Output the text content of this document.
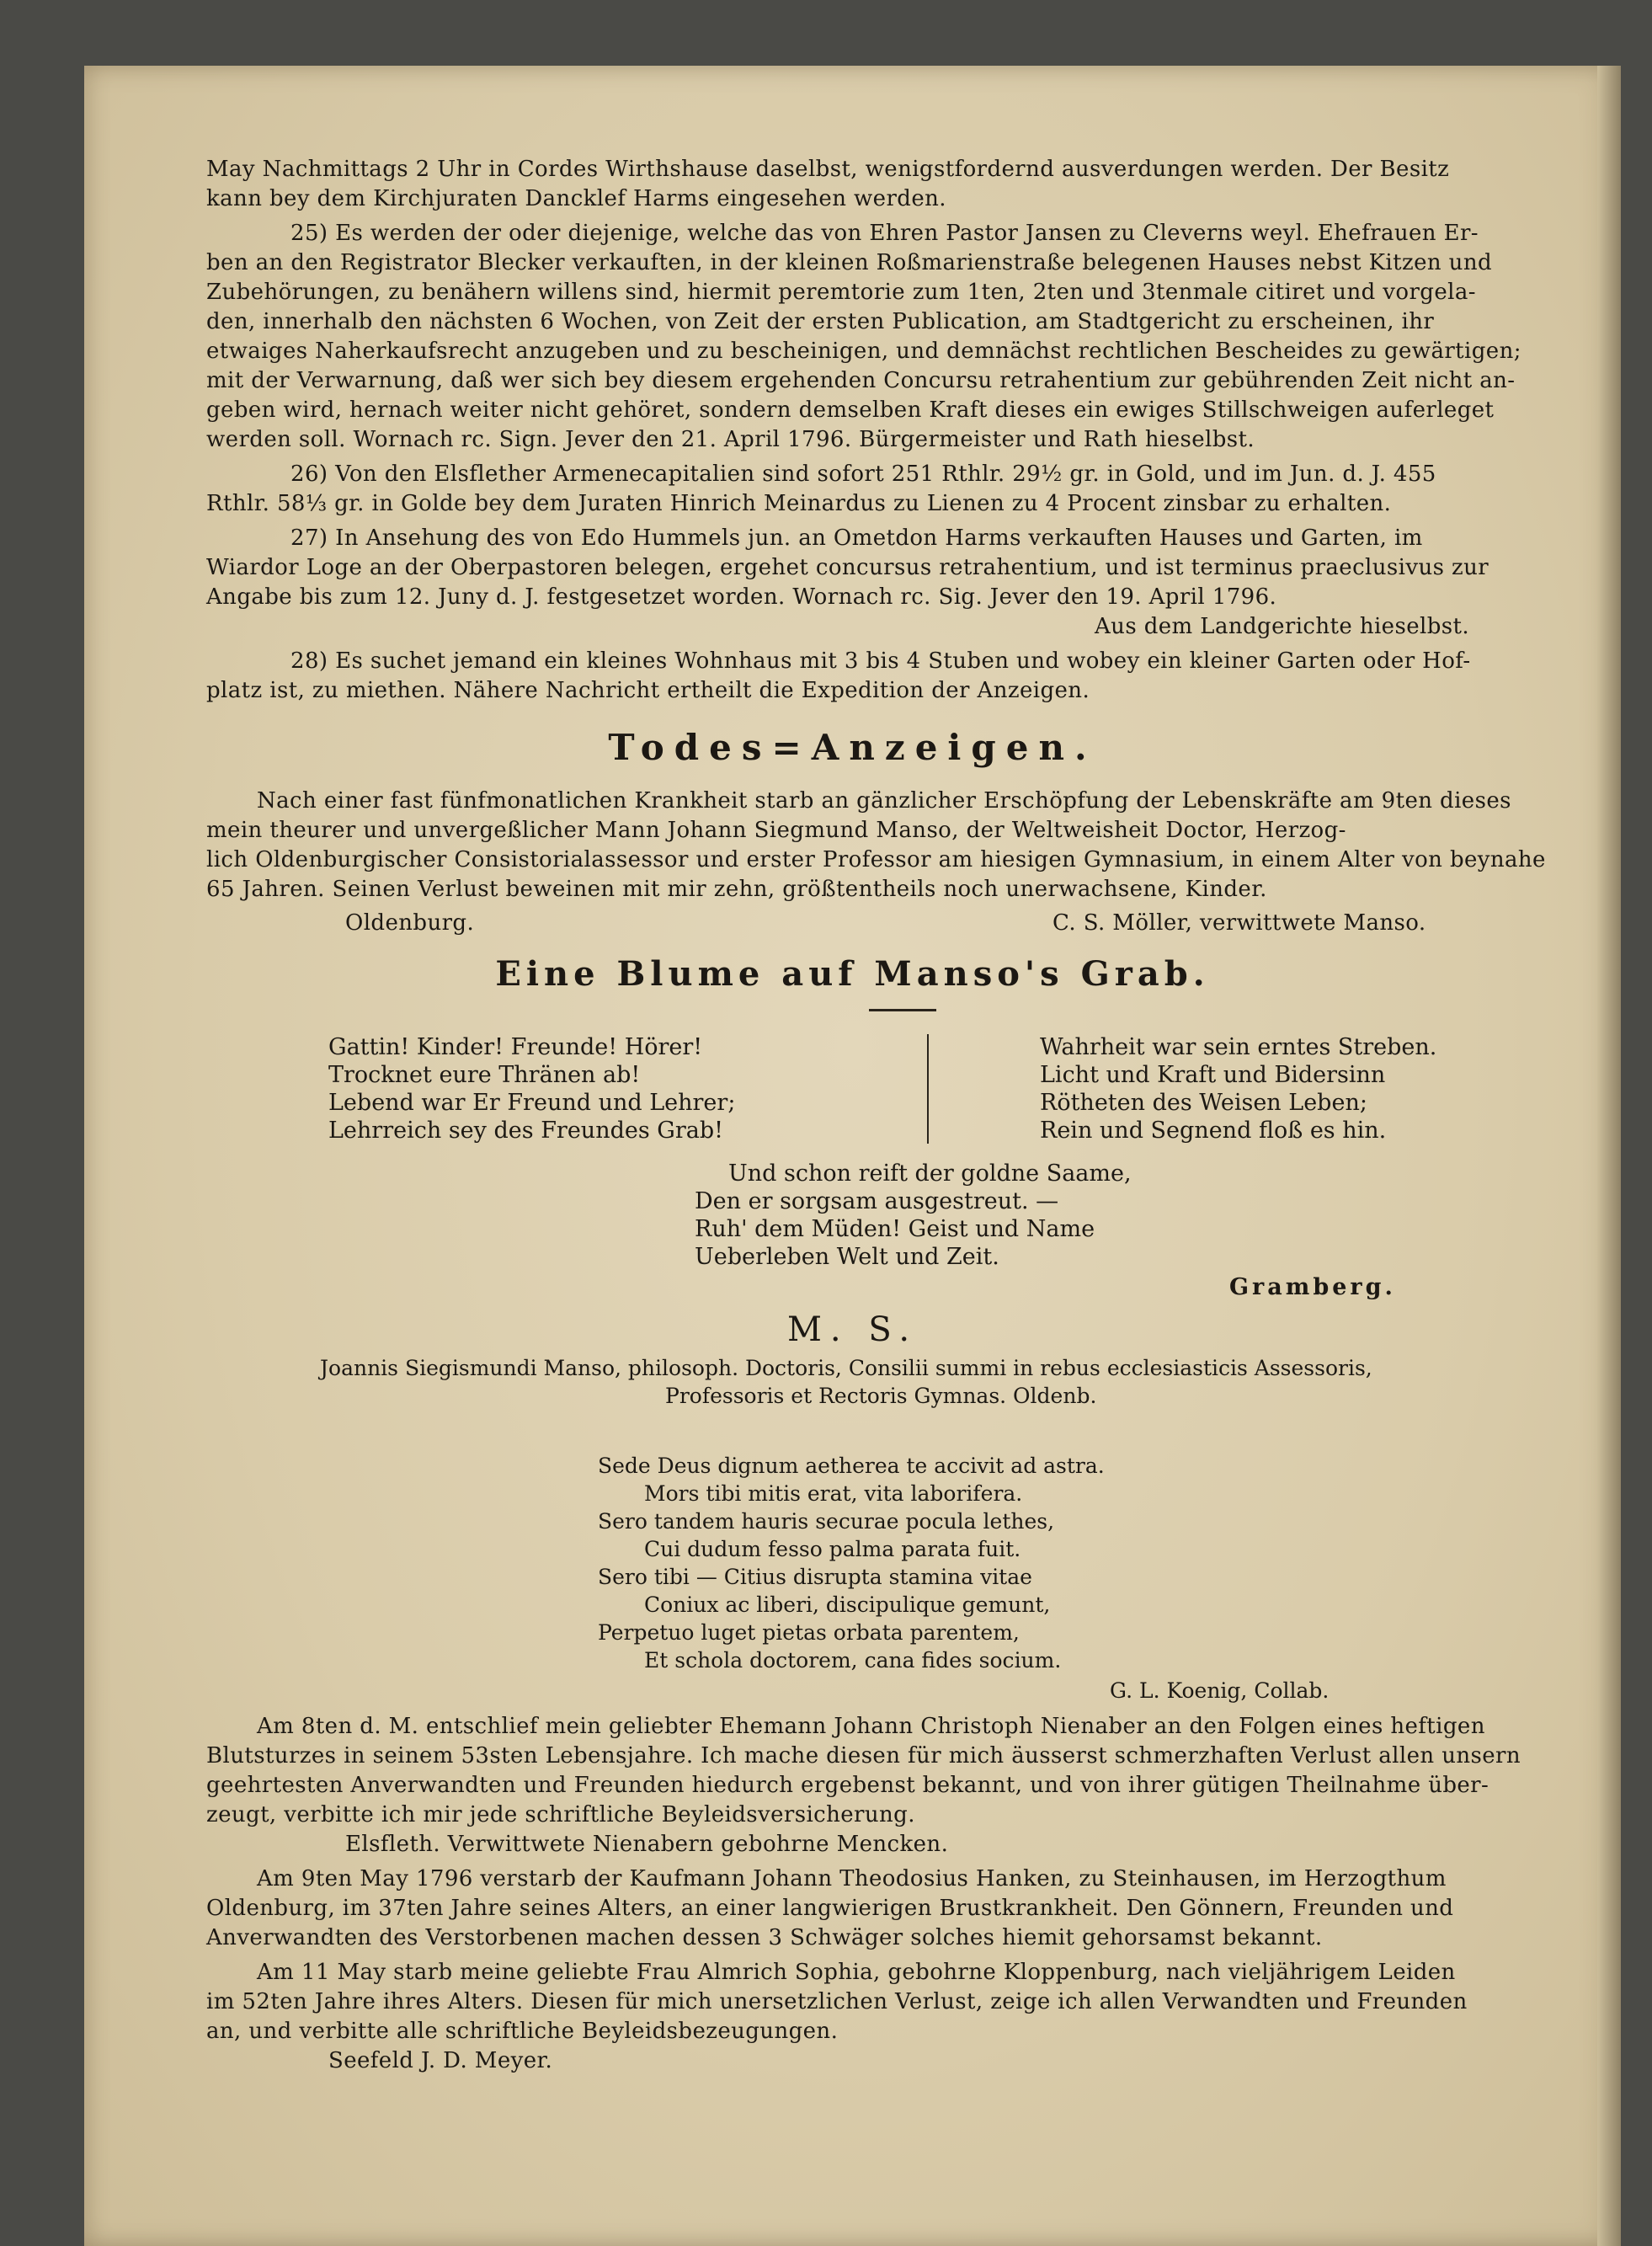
May Nachmittags 2 Uhr in Cordes Wirthshause daselbst, wenigstfordernd ausverdungen werden. Der Besitz
kann bey dem Kirchjuraten Dancklef Harms eingesehen werden.
25) Es werden der oder diejenige, welche das von Ehren Pastor Jansen zu Cleverns weyl. Ehefrauen Er-
ben an den Registrator Blecker verkauften, in der kleinen Roßmarienstraße belegenen Hauses nebst Kitzen und
Zubehörungen, zu benähern willens sind, hiermit peremtorie zum 1ten, 2ten und 3tenmale citiret und vorgela-
den, innerhalb den nächsten 6 Wochen, von Zeit der ersten Publication, am Stadtgericht zu erscheinen, ihr
etwaiges Naherkaufsrecht anzugeben und zu bescheinigen, und demnächst rechtlichen Bescheides zu gewärtigen;
mit der Verwarnung, daß wer sich bey diesem ergehenden Concursu retrahentium zur gebührenden Zeit nicht an-
geben wird, hernach weiter nicht gehöret, sondern demselben Kraft dieses ein ewiges Stillschweigen auferleget
werden soll. Wornach rc. Sign. Jever den 21. April 1796. Bürgermeister und Rath hieselbst.
26) Von den Elsflether Armenecapitalien sind sofort 251 Rthlr. 29½ gr. in Gold, und im Jun. d. J. 455
Rthlr. 58⅓ gr. in Golde bey dem Juraten Hinrich Meinardus zu Lienen zu 4 Procent zinsbar zu erhalten.
27) In Ansehung des von Edo Hummels jun. an Ometdon Harms verkauften Hauses und Garten, im
Wiardor Loge an der Oberpastoren belegen, ergehet concursus retrahentium, und ist terminus praeclusivus zur
Angabe bis zum 12. Juny d. J. festgesetzet worden. Wornach rc. Sig. Jever den 19. April 1796.
Aus dem Landgerichte hieselbst.
28) Es suchet jemand ein kleines Wohnhaus mit 3 bis 4 Stuben und wobey ein kleiner Garten oder Hof-
platz ist, zu miethen. Nähere Nachricht ertheilt die Expedition der Anzeigen.
Todes=Anzeigen.
Nach einer fast fünfmonatlichen Krankheit starb an gänzlicher Erschöpfung der Lebenskräfte am 9ten dieses
mein theurer und unvergeßlicher Mann Johann Siegmund Manso, der Weltweisheit Doctor, Herzog-
lich Oldenburgischer Consistorialassessor und erster Professor am hiesigen Gymnasium, in einem Alter von beynahe
65 Jahren. Seinen Verlust beweinen mit mir zehn, größtentheils noch unerwachsene, Kinder.
Oldenburg.	C. S. Möller, verwittwete Manso.
Eine Blume auf Manso's Grab.
Gattin! Kinder! Freunde! Hörer!
Trocknet eure Thränen ab!
Lebend war Er Freund und Lehrer;
Lehrreich sey des Freundes Grab!
Wahrheit war sein erntes Streben.
Licht und Kraft und Bidersinn
Rötheten des Weisen Leben;
Rein und Segnend floß es hin.
Und schon reift der goldne Saame,
Den er sorgsam ausgestreut. —
Ruh' dem Müden! Geist und Name
Ueberleben Welt und Zeit.
Gramberg.
M. S.
Joannis Siegismundi Manso, philosoph. Doctoris, Consilii summi in rebus ecclesiasticis Assessoris,
Professoris et Rectoris Gymnas. Oldenb.
Sede Deus dignum aetherea te accivit ad astra.
Mors tibi mitis erat, vita laborifera.
Sero tandem hauris securae pocula lethes,
Cui dudum fesso palma parata fuit.
Sero tibi — Citius disrupta stamina vitae
Coniux ac liberi, discipulique gemunt,
Perpetuo luget pietas orbata parentem,
Et schola doctorem, cana fides socium.
G. L. Koenig, Collab.
Am 8ten d. M. entschlief mein geliebter Ehemann Johann Christoph Nienaber an den Folgen eines heftigen
Blutsturzes in seinem 53sten Lebensjahre. Ich mache diesen für mich äusserst schmerzhaften Verlust allen unsern
geehrtesten Anverwandten und Freunden hiedurch ergebenst bekannt, und von ihrer gütigen Theilnahme über-
zeugt, verbitte ich mir jede schriftliche Beyleidsversicherung.
Elsfleth. Verwittwete Nienabern gebohrne Mencken.
Am 9ten May 1796 verstarb der Kaufmann Johann Theodosius Hanken, zu Steinhausen, im Herzogthum
Oldenburg, im 37ten Jahre seines Alters, an einer langwierigen Brustkrankheit. Den Gönnern, Freunden und
Anverwandten des Verstorbenen machen dessen 3 Schwäger solches hiemit gehorsamst bekannt.
Am 11 May starb meine geliebte Frau Almrich Sophia, gebohrne Kloppenburg, nach vieljährigem Leiden
im 52ten Jahre ihres Alters. Diesen für mich unersetzlichen Verlust, zeige ich allen Verwandten und Freunden
an, und verbitte alle schriftliche Beyleidsbezeugungen.
Seefeld J. D. Meyer.
